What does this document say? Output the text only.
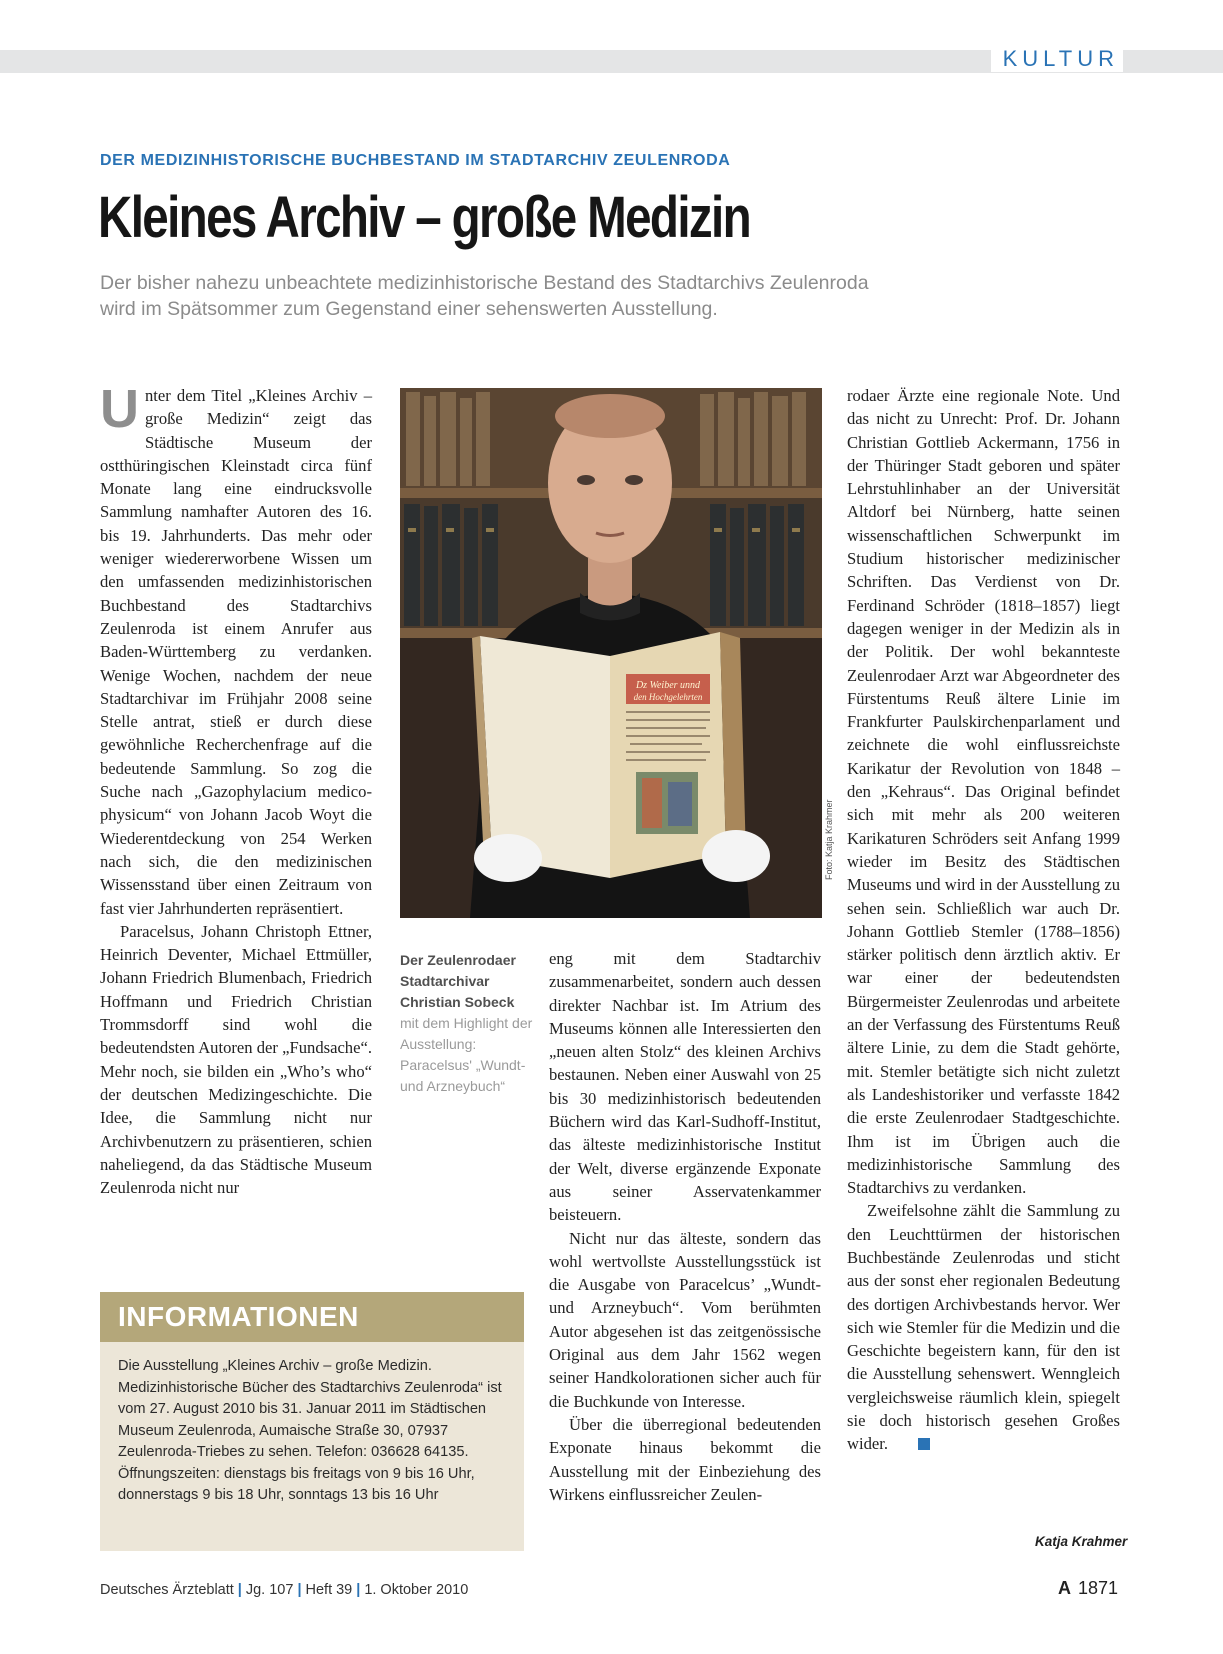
KULTUR
DER MEDIZINHISTORISCHE BUCHBESTAND IM STADTARCHIV ZEULENRODA
Kleines Archiv – große Medizin
Der bisher nahezu unbeachtete medizinhistorische Bestand des Stadtarchivs Zeulenroda
wird im Spätsommer zum Gegenstand einer sehenswerten Ausstellung.

Unter dem Titel „Kleines Archiv – große Medizin“ zeigt das Städtische Museum der ostthüringischen Kleinstadt circa fünf Monate lang eine eindrucksvolle Sammlung namhafter Autoren des 16. bis 19. Jahrhunderts. Das mehr oder weniger wiedererworbene Wissen um den umfassenden medizinhistorischen Buchbestand des Stadtarchivs Zeulenroda ist einem Anrufer aus Baden-Württemberg zu verdanken. Wenige Wochen, nachdem der neue Stadtarchivar im Frühjahr 2008 seine Stelle antrat, stieß er durch diese gewöhnliche Recherchenfrage auf die bedeutende Sammlung. So zog die Suche nach „Gazophylacium medico-physicum“ von Johann Jacob Woyt die Wiederentdeckung von 254 Werken nach sich, die den medizinischen Wissensstand über einen Zeitraum von fast vier Jahrhunderten repräsentiert.

Paracelsus, Johann Christoph Ettner, Heinrich Deventer, Michael Ettmüller, Johann Friedrich Blumenbach, Friedrich Hoffmann und Friedrich Christian Trommsdorff sind wohl die bedeutendsten Autoren der „Fundsache“. Mehr noch, sie bilden ein „Who’s who“ der deutschen Medizingeschichte. Die Idee, die Sammlung nicht nur Archivbenutzern zu präsentieren, schien naheliegend, da das Städtische Museum Zeulenroda nicht nur

Dz Weiber unnd
den Hochgelehrten
Foto: Katja Krahmer
Der Zeulenrodaer Stadtarchivar Christian Sobeck
mit dem Highlight der Ausstellung: Paracelsus' „Wundt- und Arzneybuch“

eng mit dem Stadtarchiv zusammenarbeitet, sondern auch dessen direkter Nachbar ist. Im Atrium des Museums können alle Interessierten den „neuen alten Stolz“ des kleinen Archivs bestaunen. Neben einer Auswahl von 25 bis 30 medizinhistorisch bedeutenden Büchern wird das Karl-Sudhoff-Institut, das älteste medizinhistorische Institut der Welt, diverse ergänzende Exponate aus seiner Asservatenkammer beisteuern.

Nicht nur das älteste, sondern das wohl wertvollste Ausstellungsstück ist die Ausgabe von Paracelcus’ „Wundt- und Arzneybuch“. Vom berühmten Autor abgesehen ist das zeitgenössische Original aus dem Jahr 1562 wegen seiner Handkolorationen sicher auch für die Buchkunde von Interesse.

Über die überregional bedeutenden Exponate hinaus bekommt die Ausstellung mit der Einbeziehung des Wirkens einflussreicher Zeulen-

rodaer Ärzte eine regionale Note. Und das nicht zu Unrecht: Prof. Dr. Johann Christian Gottlieb Ackermann, 1756 in der Thüringer Stadt geboren und später Lehrstuhlinhaber an der Universität Altdorf bei Nürnberg, hatte seinen wissenschaftlichen Schwerpunkt im Studium historischer medizinischer Schriften. Das Verdienst von Dr. Ferdinand Schröder (1818–1857) liegt dagegen weniger in der Medizin als in der Politik. Der wohl bekannteste Zeulenrodaer Arzt war Abgeordneter des Fürstentums Reuß ältere Linie im Frankfurter Paulskirchenparlament und zeichnete die wohl einflussreichste Karikatur der Revolution von 1848 – den „Kehraus“. Das Original befindet sich mit mehr als 200 weiteren Karikaturen Schröders seit Anfang 1999 wieder im Besitz des Städtischen Museums und wird in der Ausstellung zu sehen sein. Schließlich war auch Dr. Johann Gottlieb Stemler (1788–1856) stärker politisch denn ärztlich aktiv. Er war einer der bedeutendsten Bürgermeister Zeulenrodas und arbeitete an der Verfassung des Fürstentums Reuß ältere Linie, zu dem die Stadt gehörte, mit. Stemler betätigte sich nicht zuletzt als Landeshistoriker und verfasste 1842 die erste Zeulenrodaer Stadtgeschichte. Ihm ist im Übrigen auch die medizinhistorische Sammlung des Stadtarchivs zu verdanken.

Zweifelsohne zählt die Sammlung zu den Leuchttürmen der historischen Buchbestände Zeulenrodas und sticht aus der sonst eher regionalen Bedeutung des dortigen Archivbestands hervor. Wer sich wie Stemler für die Medizin und die Geschichte begeistern kann, für den ist die Ausstellung sehenswert. Wenngleich vergleichsweise räumlich klein, spiegelt sie doch historisch gesehen Großes wider.

Katja Krahmer
INFORMATIONEN
Die Ausstellung „Kleines Archiv – große Medizin. Medizinhistorische Bücher des Stadtarchivs Zeulenroda“ ist vom 27. August 2010 bis 31. Januar 2011 im Städtischen Museum Zeulenroda, Aumaische Straße 30, 07937 Zeulenroda-Triebes zu sehen. Telefon: 036628 64135. Öffnungszeiten: dienstags bis freitags von 9 bis 16 Uhr, donnerstags 9 bis 18 Uhr, sonntags 13 bis 16 Uhr
Deutsches Ärzteblatt | Jg. 107 | Heft 39 | 1. Oktober 2010	A 1871
